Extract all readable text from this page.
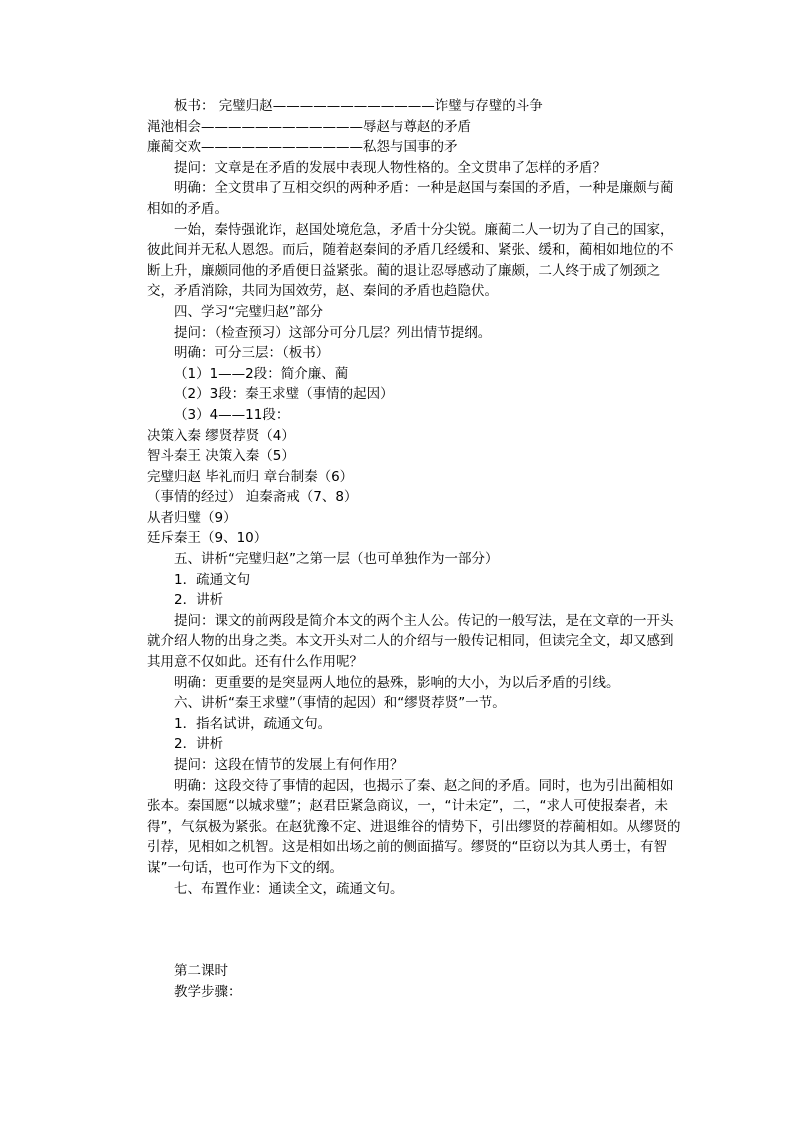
板书： 完璧归赵————————————诈璧与存璧的斗争

渑池相会————————————辱赵与尊赵的矛盾

廉蔺交欢————————————私怨与国事的矛

提问：文章是在矛盾的发展中表现人物性格的。全文贯串了怎样的矛盾？

明确：全文贯串了互相交织的两种矛盾：一种是赵国与秦国的矛盾，一种是廉颇与蔺相如的矛盾。

一始，秦恃强讹诈，赵国处境危急，矛盾十分尖锐。廉蔺二人一切为了自己的国家，彼此间并无私人恩怨。而后，随着赵秦间的矛盾几经缓和、紧张、缓和，蔺相如地位的不断上升，廉颇同他的矛盾便日益紧张。蔺的退让忍辱感动了廉颇，二人终于成了刎颈之交，矛盾消除，共同为国效劳，赵、秦间的矛盾也趋隐伏。

四、学习“完璧归赵”部分

提问：（检查预习）这部分可分几层？列出情节提纲。

明确：可分三层：（板书）

（1）1——2段：简介廉、蔺

（2）3段：秦王求璧（事情的起因）

（3）4——11段：

决策入秦 缪贤荐贤（4）

智斗秦王 决策入秦（5）

完璧归赵 毕礼而归 章台制秦（6）

（事情的经过） 迫秦斋戒（7、8）

从者归璧（9）

廷斥秦王（9、10）

五、讲析“完璧归赵”之第一层（也可单独作为一部分）

1．疏通文句

2．讲析

提问：课文的前两段是简介本文的两个主人公。传记的一般写法，是在文章的一开头就介绍人物的出身之类。本文开头对二人的介绍与一般传记相同，但读完全文，却又感到其用意不仅如此。还有什么作用呢？

明确：更重要的是突显两人地位的悬殊，影响的大小，为以后矛盾的引线。

六、讲析“秦王求璧”（事情的起因）和“缪贤荐贤”一节。

1．指名试讲，疏通文句。

2．讲析

提问：这段在情节的发展上有何作用？

明确：这段交待了事情的起因，也揭示了秦、赵之间的矛盾。同时，也为引出蔺相如张本。秦国愿“以城求璧”；赵君臣紧急商议，一，“计未定”，二，“求人可使报秦者，未得”，气氛极为紧张。在赵犹豫不定、进退维谷的情势下，引出缪贤的荐蔺相如。从缪贤的引荐，见相如之机智。这是相如出场之前的侧面描写。缪贤的“臣窃以为其人勇士，有智谋”一句话，也可作为下文的纲。

七、布置作业：通读全文，疏通文句。

第二课时

教学步骤：
